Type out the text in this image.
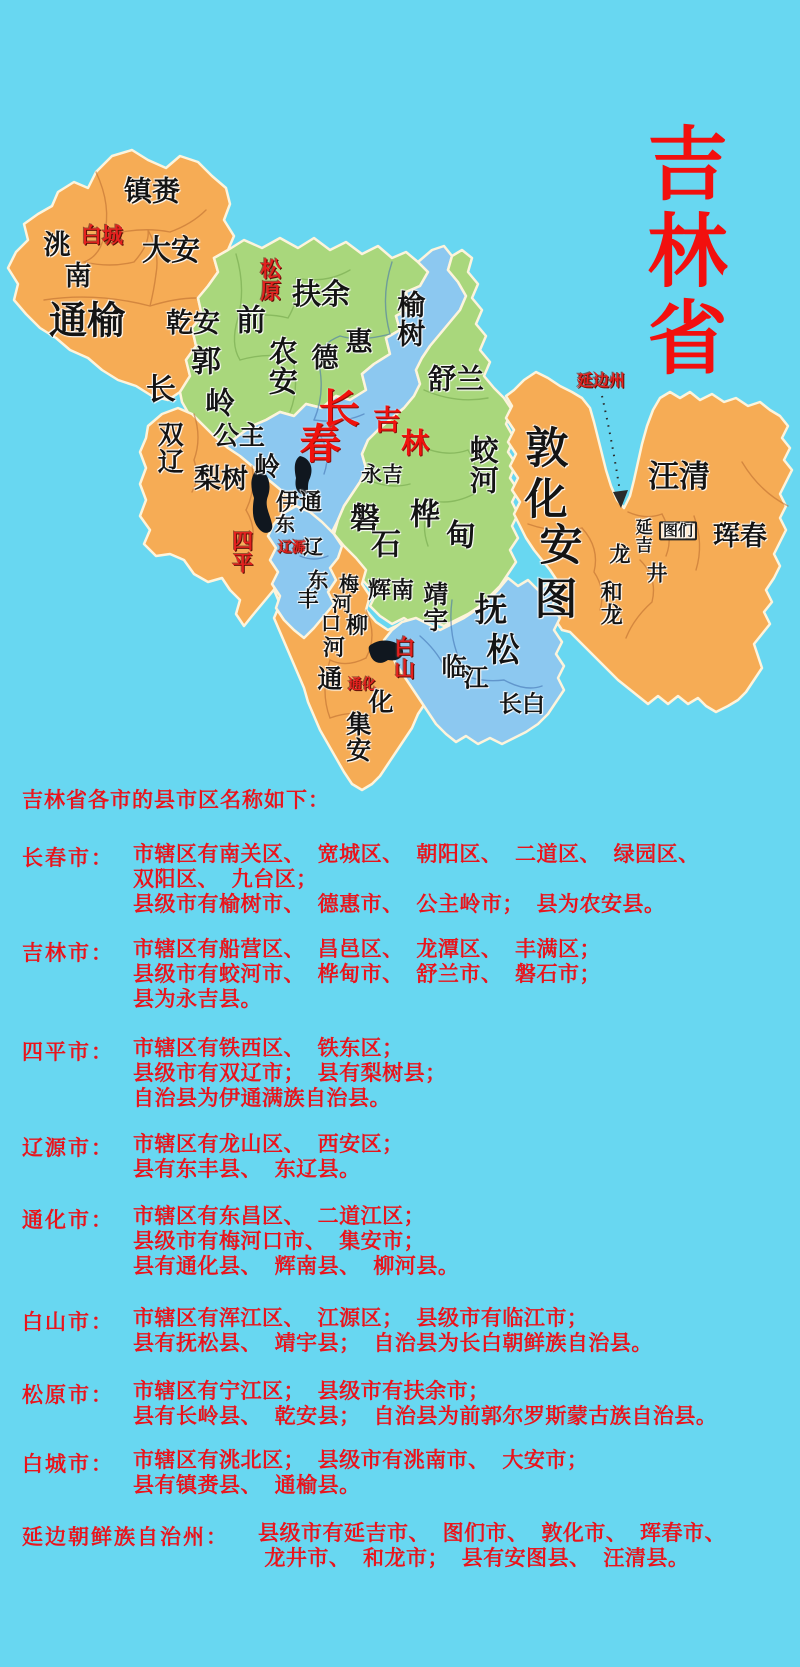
镇赉
洮
南
大安
通榆
白城
松原
乾安 前
郭
长 岭
扶余
农安 德
惠 榆树
舒兰
长
春
吉
林
永吉 蛟河
桦
甸
磐
石
公主
岭
双辽
梨树
四平
伊通
东
辽源
辽
东
丰
梅
河
口
辉南
柳
河
通 通化
化
集安
白山
靖宇 抚
松
临
江
长白
敦
化
安
图
延边州
汪清
延吉 图们 珲春
龙
井
和龙
吉林省
吉林省各市的县市区名称如下：
长春市： 市辖区有南关区、  宽城区、  朝阳区、  二道区、  绿园区、
双阳区、  九台区；
县级市有榆树市、  德惠市、  公主岭市；  县为农安县。
吉林市： 市辖区有船营区、  昌邑区、  龙潭区、  丰满区；
县级市有蛟河市、  桦甸市、  舒兰市、  磐石市；
县为永吉县。
四平市： 市辖区有铁西区、  铁东区；
县级市有双辽市；  县有梨树县；
自治县为伊通满族自治县。
辽源市： 市辖区有龙山区、  西安区；
县有东丰县、  东辽县。
通化市： 市辖区有东昌区、  二道江区；
县级市有梅河口市、  集安市；
县有通化县、  辉南县、  柳河县。
白山市： 市辖区有浑江区、  江源区；  县级市有临江市；
县有抚松县、  靖宇县；  自治县为长白朝鲜族自治县。
松原市： 市辖区有宁江区；  县级市有扶余市；
县有长岭县、  乾安县；  自治县为前郭尔罗斯蒙古族自治县。
白城市： 市辖区有洮北区；  县级市有洮南市、  大安市；
县有镇赉县、  通榆县。
延边朝鲜族自治州： 县级市有延吉市、  图们市、  敦化市、  珲春市、
龙井市、  和龙市；  县有安图县、  汪清县。
